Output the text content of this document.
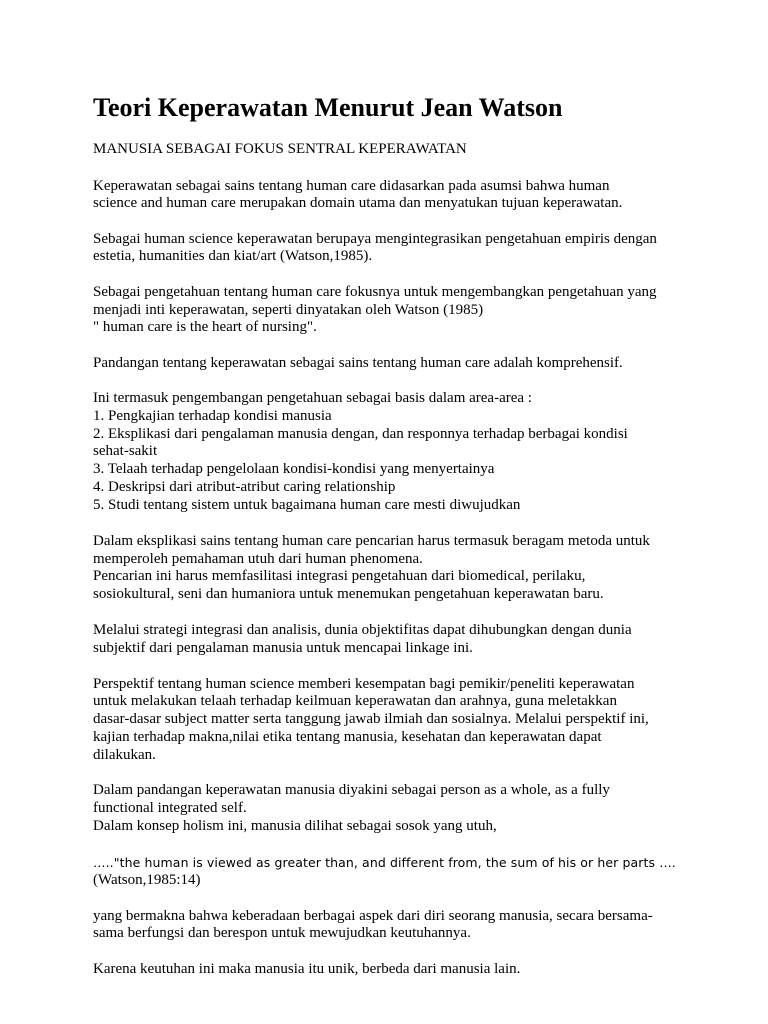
Teori Keperawatan Menurut Jean Watson
MANUSIA SEBAGAI FOKUS SENTRAL KEPERAWATAN
Keperawatan sebagai sains tentang human care didasarkan pada asumsi bahwa human
science and human care merupakan domain utama dan menyatukan tujuan keperawatan.
Sebagai human science keperawatan berupaya mengintegrasikan pengetahuan empiris dengan
estetia, humanities dan kiat/art (Watson,1985).
Sebagai pengetahuan tentang human care fokusnya untuk mengembangkan pengetahuan yang
menjadi inti keperawatan, seperti dinyatakan oleh Watson (1985)
" human care is the heart of nursing".
Pandangan tentang keperawatan sebagai sains tentang human care adalah komprehensif.
Ini termasuk pengembangan pengetahuan sebagai basis dalam area-area :
1. Pengkajian terhadap kondisi manusia
2. Eksplikasi dari pengalaman manusia dengan, dan responnya terhadap berbagai kondisi
sehat-sakit
3. Telaah terhadap pengelolaan kondisi-kondisi yang menyertainya
4. Deskripsi dari atribut-atribut caring relationship
5. Studi tentang sistem untuk bagaimana human care mesti diwujudkan
Dalam eksplikasi sains tentang human care pencarian harus termasuk beragam metoda untuk
memperoleh pemahaman utuh dari human phenomena.
Pencarian ini harus memfasilitasi integrasi pengetahuan dari biomedical, perilaku,
sosiokultural, seni dan humaniora untuk menemukan pengetahuan keperawatan baru.
Melalui strategi integrasi dan analisis, dunia objektifitas dapat dihubungkan dengan dunia
subjektif dari pengalaman manusia untuk mencapai linkage ini.
Perspektif tentang human science memberi kesempatan bagi pemikir/peneliti keperawatan
untuk melakukan telaah terhadap keilmuan keperawatan dan arahnya, guna meletakkan
dasar-dasar subject matter serta tanggung jawab ilmiah dan sosialnya. Melalui perspektif ini,
kajian terhadap makna,nilai etika tentang manusia, kesehatan dan keperawatan dapat
dilakukan.
Dalam pandangan keperawatan manusia diyakini sebagai person as a whole, as a fully
functional integrated self.
Dalam konsep holism ini, manusia dilihat sebagai sosok yang utuh,
….."the human is viewed as greater than, and different from, the sum of his or her parts ….
(Watson,1985:14)
yang bermakna bahwa keberadaan berbagai aspek dari diri seorang manusia, secara bersama-
sama berfungsi dan berespon untuk mewujudkan keutuhannya.
Karena keutuhan ini maka manusia itu unik, berbeda dari manusia lain.
